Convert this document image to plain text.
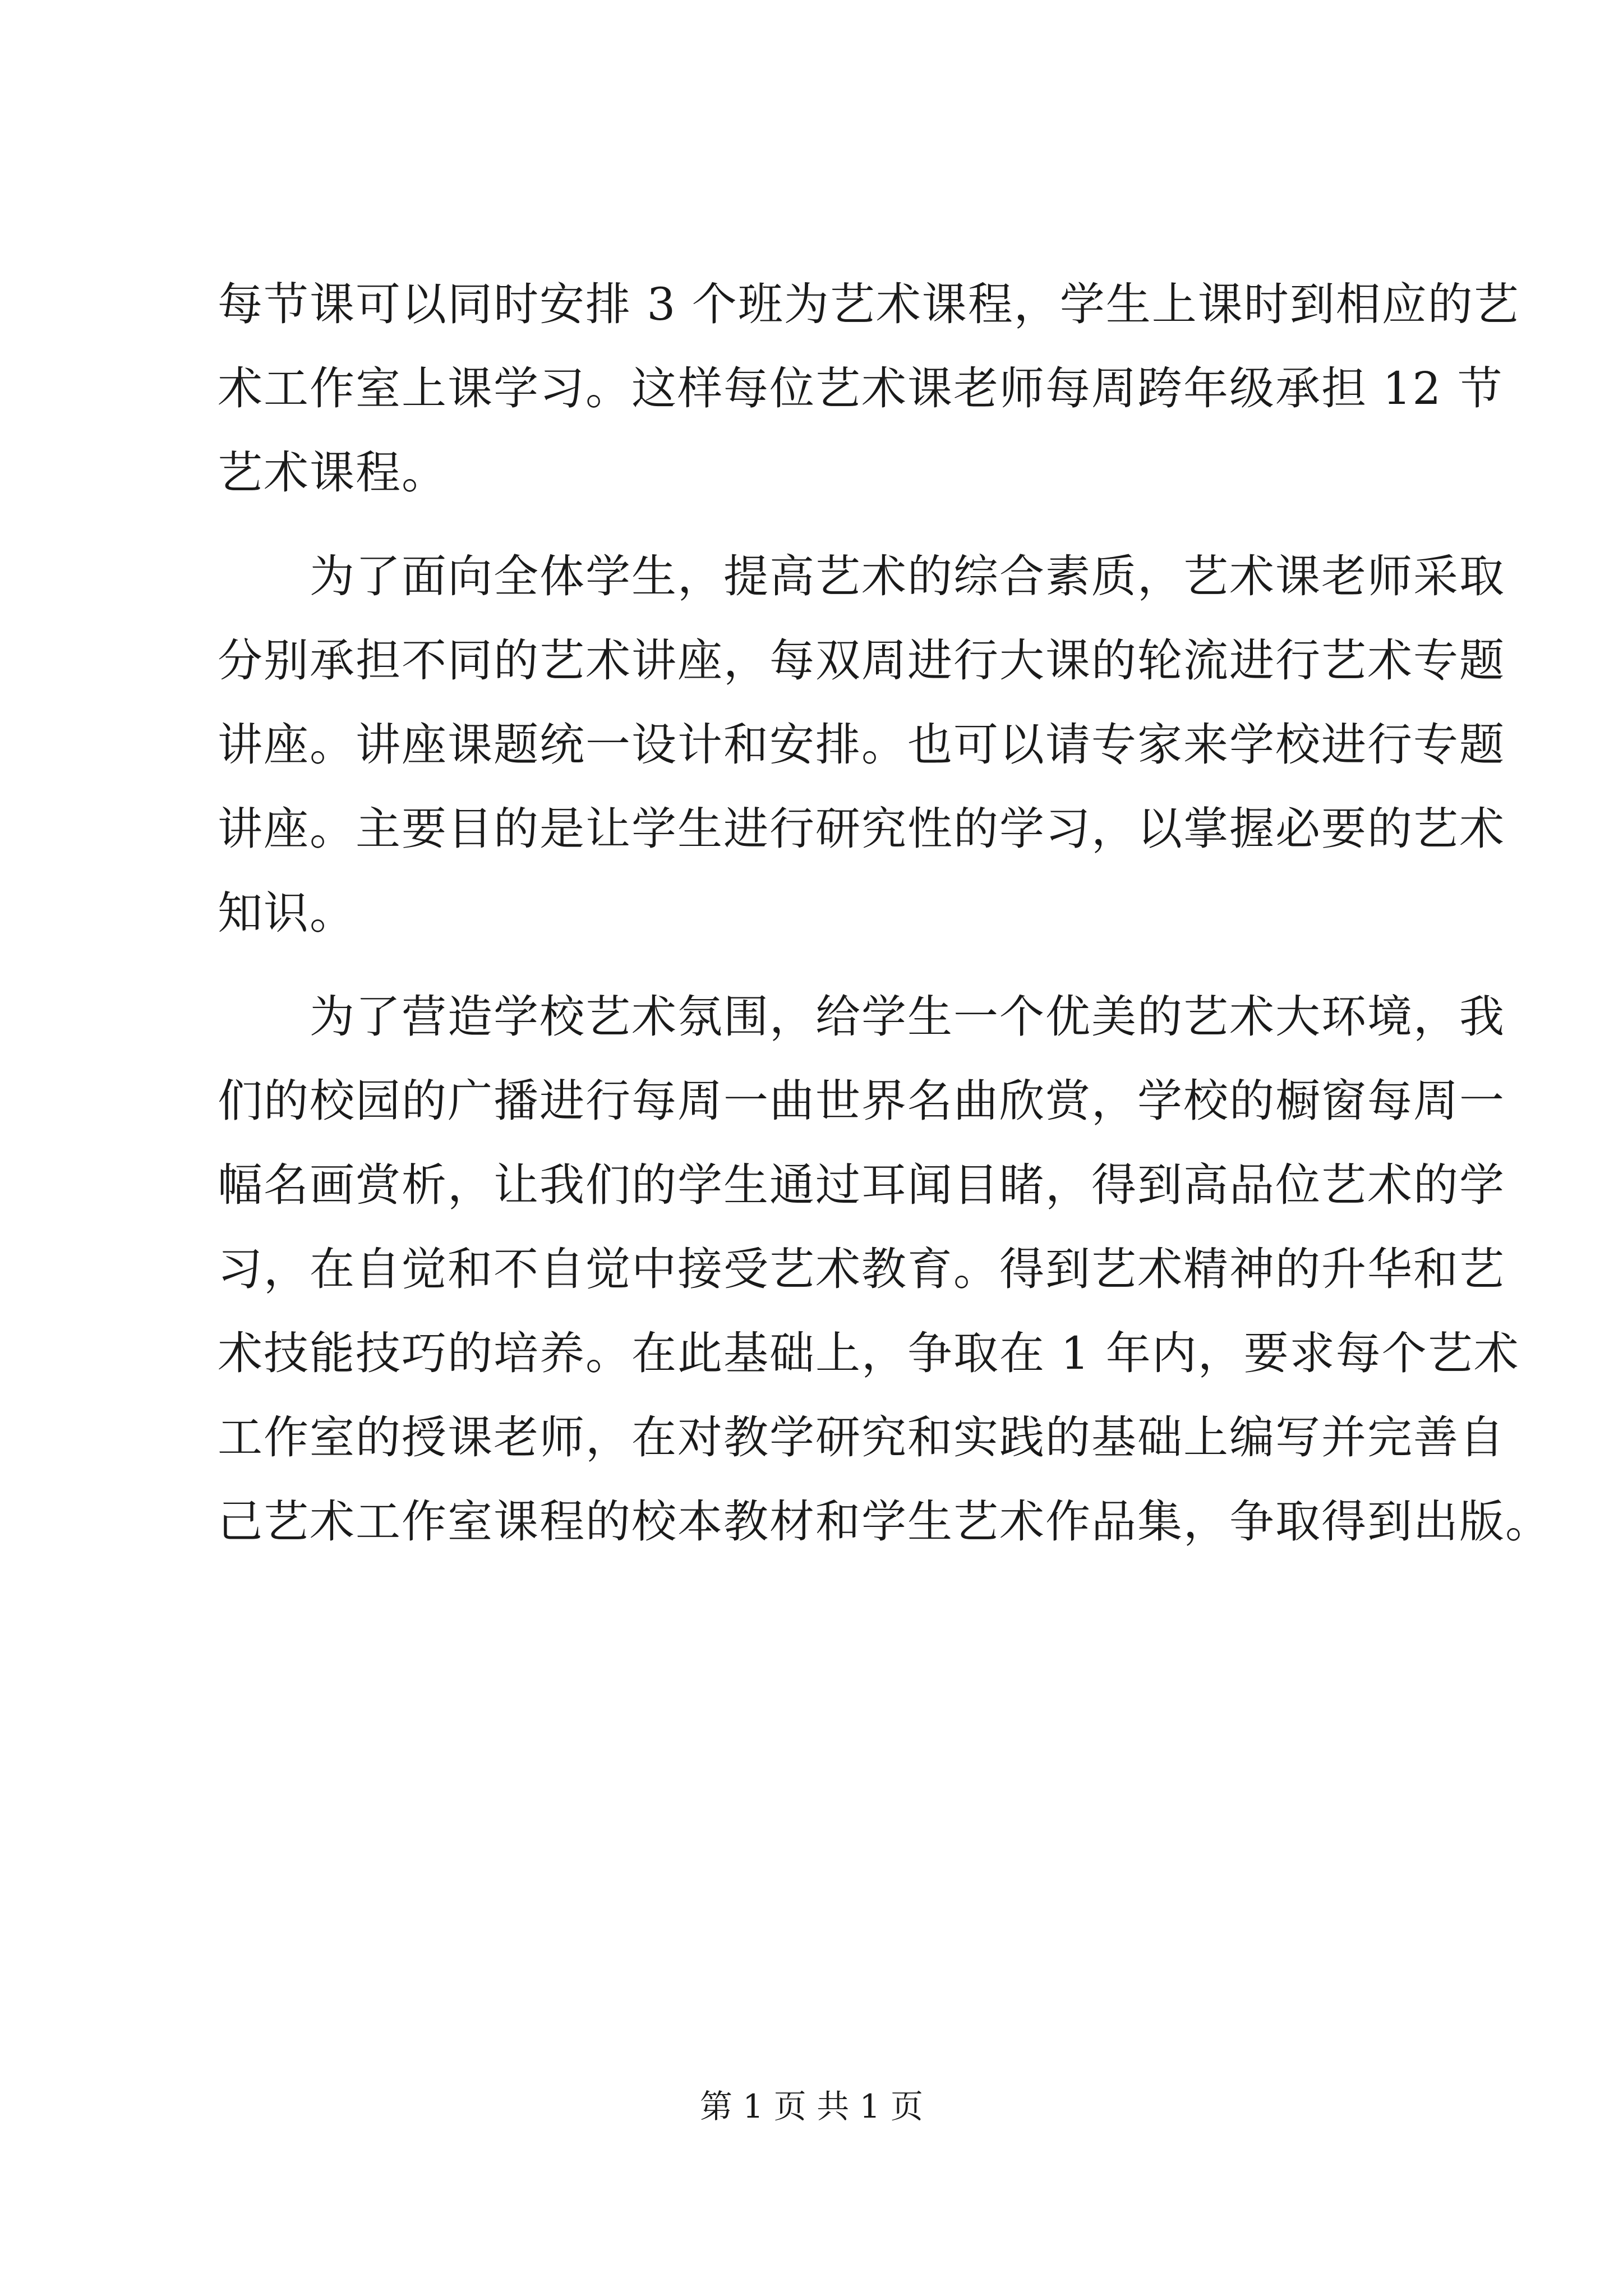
每节课可以同时安排 3 个班为艺术课程，学生上课时到相应的艺
术工作室上课学习。这样每位艺术课老师每周跨年级承担 12 节
艺术课程。
　　为了面向全体学生，提高艺术的综合素质，艺术课老师采取
分别承担不同的艺术讲座，每双周进行大课的轮流进行艺术专题
讲座。讲座课题统一设计和安排。也可以请专家来学校进行专题
讲座。主要目的是让学生进行研究性的学习，以掌握必要的艺术
知识。
　　为了营造学校艺术氛围，给学生一个优美的艺术大环境，我
们的校园的广播进行每周一曲世界名曲欣赏，学校的橱窗每周一
幅名画赏析，让我们的学生通过耳闻目睹，得到高品位艺术的学
习，在自觉和不自觉中接受艺术教育。得到艺术精神的升华和艺
术技能技巧的培养。在此基础上，争取在 1 年内，要求每个艺术
工作室的授课老师，在对教学研究和实践的基础上编写并完善自
己艺术工作室课程的校本教材和学生艺术作品集，争取得到出版。
第 1 页 共 1 页
